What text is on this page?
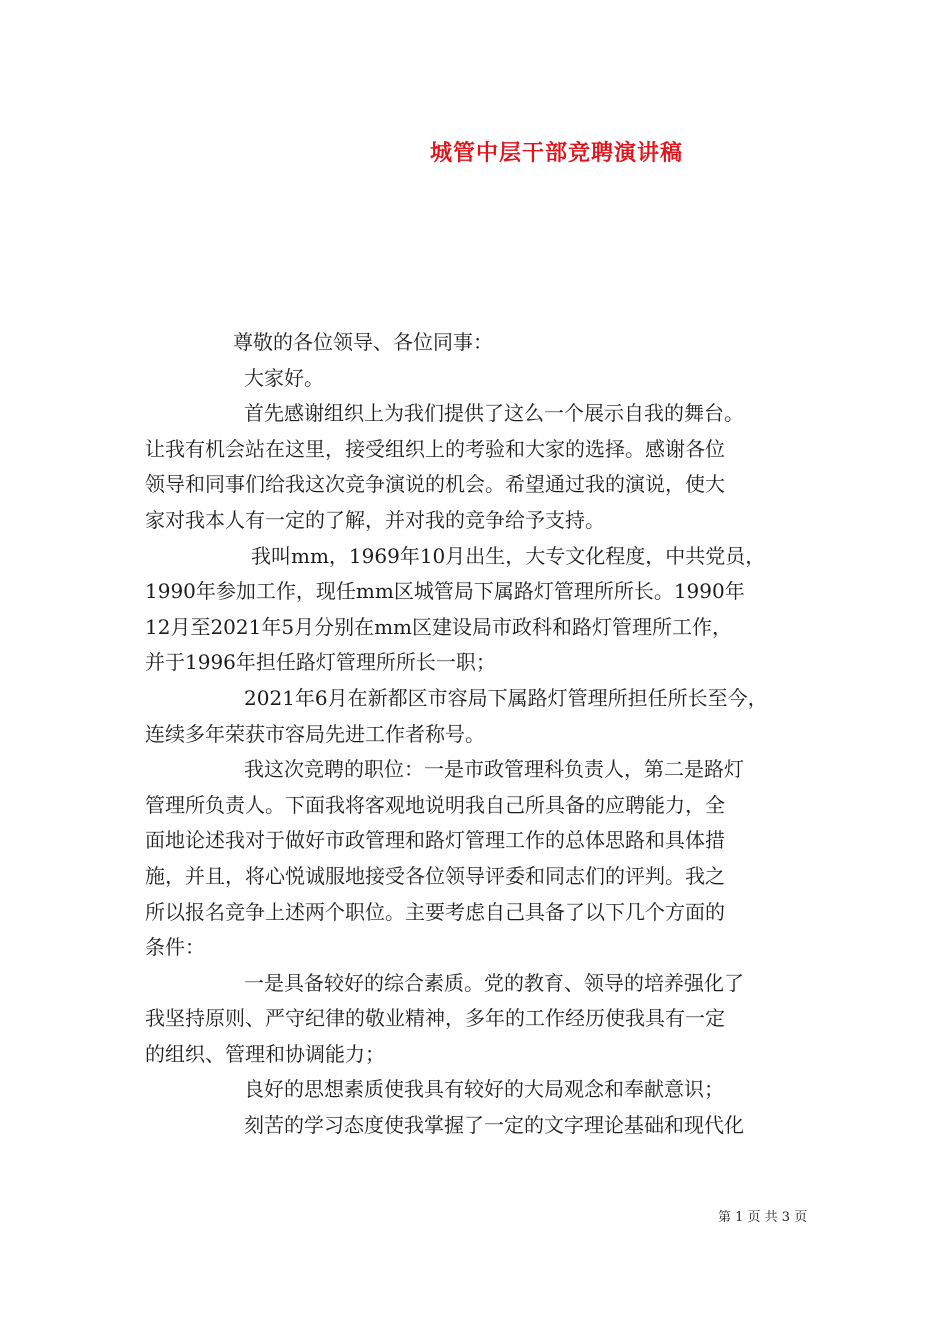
城管中层干部竞聘演讲稿
尊敬的各位领导、各位同事：
大家好。
首先感谢组织上为我们提供了这么一个展示自我的舞台。
让我有机会站在这里，接受组织上的考验和大家的选择。感谢各位
领导和同事们给我这次竞争演说的机会。希望通过我的演说，使大
家对我本人有一定的了解，并对我的竞争给予支持。
我叫mm，1969年10月出生，大专文化程度，中共党员，
1990年参加工作，现任mm区城管局下属路灯管理所所长。1990年
12月至2021年5月分别在mm区建设局市政科和路灯管理所工作，
并于1996年担任路灯管理所所长一职；
2021年6月在新都区市容局下属路灯管理所担任所长至今，
连续多年荣获市容局先进工作者称号。
我这次竞聘的职位：一是市政管理科负责人，第二是路灯
管理所负责人。下面我将客观地说明我自己所具备的应聘能力，全
面地论述我对于做好市政管理和路灯管理工作的总体思路和具体措
施，并且，将心悦诚服地接受各位领导评委和同志们的评判。我之
所以报名竞争上述两个职位。主要考虑自己具备了以下几个方面的
条件：
一是具备较好的综合素质。党的教育、领导的培养强化了
我坚持原则、严守纪律的敬业精神，多年的工作经历使我具有一定
的组织、管理和协调能力；
良好的思想素质使我具有较好的大局观念和奉献意识；
刻苦的学习态度使我掌握了一定的文字理论基础和现代化
第 1 页 共 3 页
